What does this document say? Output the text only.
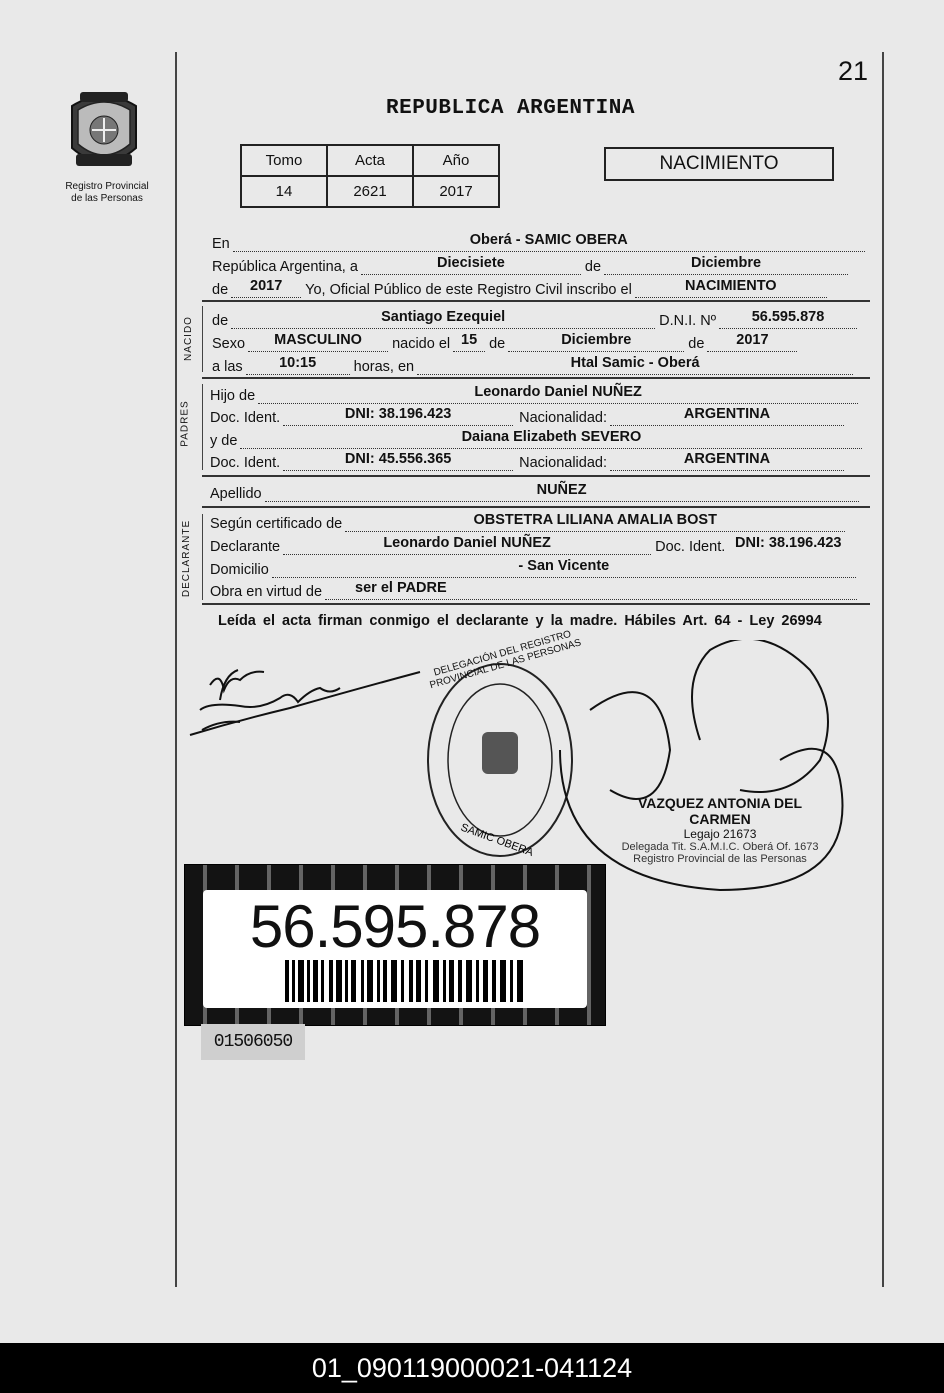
21
Registro Provincial
de las Personas
REPUBLICA ARGENTINA
Tomo	Acta	Año
14	2621	2017
NACIMIENTO
En	Oberá - SAMIC OBERA
República Argentina, a	Diecisiete	de	Diciembre
de	2017	Yo, Oficial Público de este Registro Civil inscribo el	NACIMIENTO
NACIDO de	Santiago Ezequiel	D.N.I. Nº	56.595.878
Sexo	MASCULINO	nacido el 15 de	Diciembre	de	2017
a las	10:15	horas, en	Htal Samic - Oberá
PADRES
Hijo de	Leonardo Daniel NUÑEZ
Doc. Ident.	DNI: 38.196.423	Nacionalidad:	ARGENTINA
y de	Daiana Elizabeth SEVERO
Doc. Ident.	DNI: 45.556.365	Nacionalidad:	ARGENTINA
Apellido	NUÑEZ
DECLARANTE Según certificado de	OBSTETRA LILIANA AMALIA BOST
Declarante	Leonardo Daniel NUÑEZ	Doc. Ident. DNI: 38.196.423
Domicilio	- San Vicente
Obra en virtud de	ser el PADRE
Leída el acta firman conmigo el declarante y la madre. Hábiles Art. 64 - Ley 26994
SAMIC OBERA
DELEGACIÓN DEL REGISTRO PROVINCIAL DE LAS PERSONAS
VAZQUEZ ANTONIA DEL CARMEN
Legajo 21673
Delegada Tit. S.A.M.I.C. Oberá Of. 1673
Registro Provincial de las Personas
56.595.878
01506050
01_090119000021-041124
